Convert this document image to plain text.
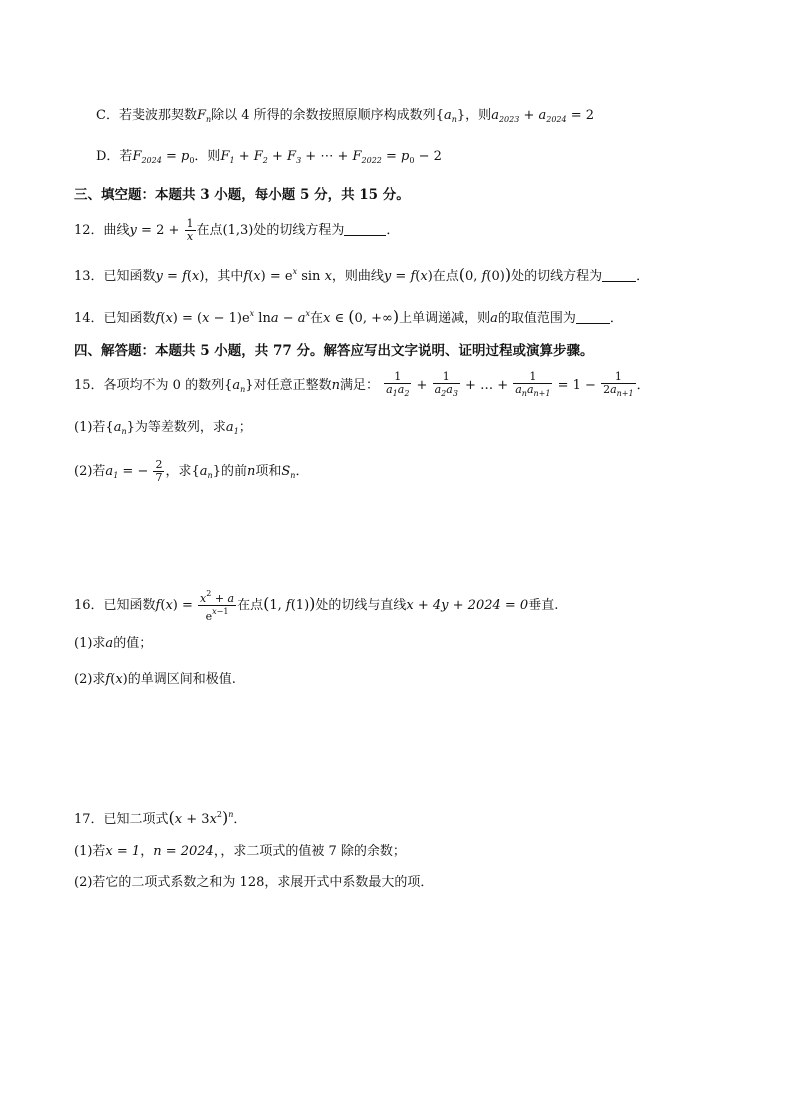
C．若斐波那契数$F_n$除以 4 所得的余数按照原顺序构成数列$\{a_n\}$，则$a_{2023} + a_{2024} = 2$
D．若$F_{2024} = p_0$．则$F_1 + F_2 + F_3$ + ⋯ + $F_{2022} = p_0 - 2$
三、填空题：本题共 3 小题，每小题 5 分，共 15 分。
12．曲线$y = 2 + \frac{1}{x}$ 在点(1,3)处的切线方程为	．
13．已知函数y = f(x)，其中$f(x) = e^x$ sin x，则曲线y = f(x)在点(0, f(0))处的切线方程为	．
14．已知函数$f(x) = (x - 1)e^x$ $\ln a - a^x$在x ∈ (0, +∞)上单调递减，则a的取值范围为	．
四、解答题：本题共 5 小题，共 77 分。解答应写出文字说明、证明过程或演算步骤。
15．各项均不为 0 的数列$\{a_n\}$对任意正整数n满足： $\frac{1}{a_1a_2} + \frac{1}{a_2a_3}$ + … + $\frac{1}{a_na_{n+1}} = 1 - \frac{1}{2a_{n+1}}$ ．
(1)若$\{a_n\}$为等差数列，求$a_1$；
(2)若$a_1$ = − $\frac{2}{7}$ ，求$\{a_n\}$的前n项和$S_n$．
16．已知函数$f(x) = \frac{x^2 + a}{e^{x-1}}$ 在点(1, f(1))处的切线与直线x + 4y + 2024 = 0垂直.
(1)求a的值；
(2)求f(x)的单调区间和极值.
17．已知二项式$(x + 3x^2)^n$．
(1)若x = 1，n = 2024，，求二项式的值被 7 除的余数；
(2)若它的二项式系数之和为 128，求展开式中系数最大的项．
